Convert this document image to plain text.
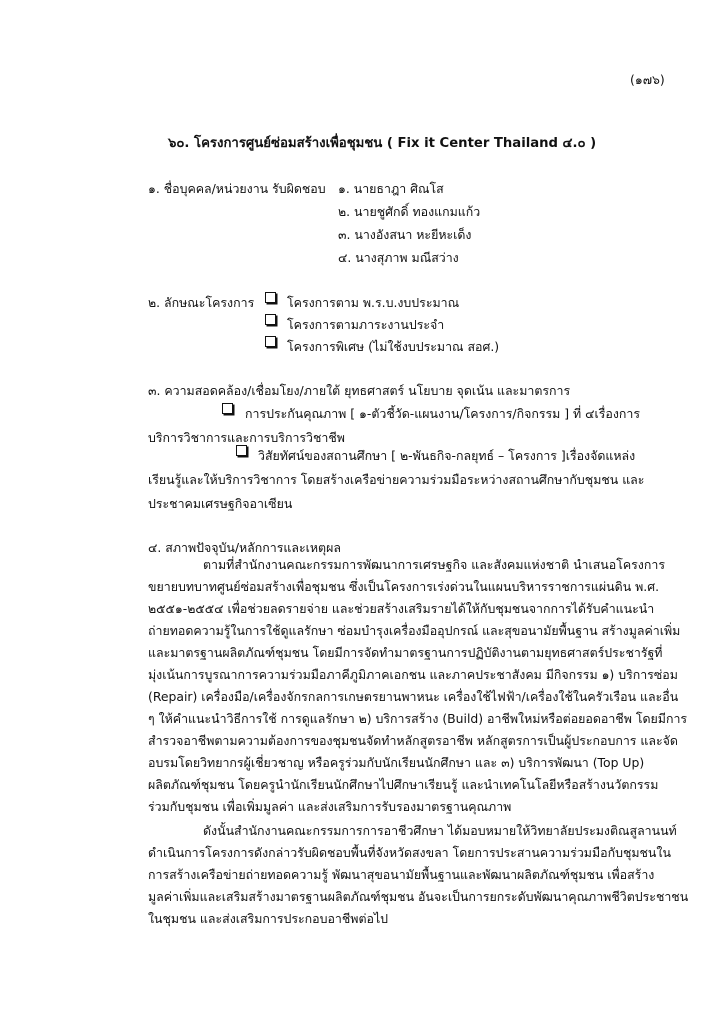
(๑๗๖)
๖๐. โครงการศูนย์ซ่อมสร้างเพื่อชุมชน ( Fix it Center Thailand ๔.๐ )
๑. ชื่อบุคคล/หน่วยงาน รับผิดชอบ ๑. นายธาฎา ศิณโส
๒. นายชูศักดิ์ ทองแกมแก้ว
๓. นางอังสนา หะยีหะเด็ง
๔. นางสุภาพ มณีสว่าง
๒. ลักษณะโครงการ	โครงการตาม พ.ร.บ.งบประมาณ
โครงการตามภาระงานประจำ
โครงการพิเศษ (ไม่ใช้งบประมาณ สอศ.)
๓. ความสอดคล้อง/เชื่อมโยง/ภายใต้ ยุทธศาสตร์ นโยบาย จุดเน้น และมาตรการ
การประกันคุณภาพ [ ๑-ตัวชี้วัด-แผนงาน/โครงการ/กิจกรรม ] ที่ ๔เรื่องการ
บริการวิชาการและการบริการวิชาชีพ
วิสัยทัศน์ของสถานศึกษา [ ๒-พันธกิจ-กลยุทธ์ – โครงการ ]เรื่องจัดแหล่ง
เรียนรู้และให้บริการวิชาการ โดยสร้างเครือข่ายความร่วมมือระหว่างสถานศึกษากับชุมชน และ
ประชาคมเศรษฐกิจอาเซียน
๔. สภาพปัจจุบัน/หลักการและเหตุผล
ตามที่สำนักงานคณะกรรมการพัฒนาการเศรษฐกิจ และสังคมแห่งชาติ นำเสนอโครงการ
ขยายบทบาทศูนย์ซ่อมสร้างเพื่อชุมชน ซึ่งเป็นโครงการเร่งด่วนในแผนบริหารราชการแผ่นดิน พ.ศ.
๒๕๕๑-๒๕๕๔ เพื่อช่วยลดรายจ่าย และช่วยสร้างเสริมรายได้ให้กับชุมชนจากการได้รับคำแนะนำ
ถ่ายทอดความรู้ในการใช้ดูแลรักษา ซ่อมบำรุงเครื่องมืออุปกรณ์ และสุขอนามัยพื้นฐาน สร้างมูลค่าเพิ่ม
และมาตรฐานผลิตภัณฑ์ชุมชน โดยมีการจัดทำมาตรฐานการปฏิบัติงานตามยุทธศาสตร์ประชารัฐที่
มุ่งเน้นการบูรณาการความร่วมมือภาคีภูมิภาคเอกชน และภาคประชาสังคม มีกิจกรรม ๑) บริการซ่อม
(Repair) เครื่องมือ/เครื่องจักรกลการเกษตรยานพาหนะ เครื่องใช้ไฟฟ้า/เครื่องใช้ในครัวเรือน และอื่น
ๆ ให้คำแนะนำวิธีการใช้ การดูแลรักษา ๒) บริการสร้าง (Build) อาชีพใหม่หรือต่อยอดอาชีพ โดยมีการ
สำรวจอาชีพตามความต้องการของชุมชนจัดทำหลักสูตรอาชีพ หลักสูตรการเป็นผู้ประกอบการ และจัด
อบรมโดยวิทยากรผู้เชี่ยวชาญ หรือครูร่วมกับนักเรียนนักศึกษา และ ๓) บริการพัฒนา (Top Up)
ผลิตภัณฑ์ชุมชน โดยครูนำนักเรียนนักศึกษาไปศึกษาเรียนรู้ และนำเทคโนโลยีหรือสร้างนวัตกรรม
ร่วมกับชุมชน เพื่อเพิ่มมูลค่า และส่งเสริมการรับรองมาตรฐานคุณภาพ
ดังนั้นสำนักงานคณะกรรมการการอาชีวศึกษา ได้มอบหมายให้วิทยาลัยประมงติณสูลานนท์
ดำเนินการโครงการดังกล่าวรับผิดชอบพื้นที่จังหวัดสงขลา โดยการประสานความร่วมมือกับชุมชนใน
การสร้างเครือข่ายถ่ายทอดความรู้ พัฒนาสุขอนามัยพื้นฐานและพัฒนาผลิตภัณฑ์ชุมชน เพื่อสร้าง
มูลค่าเพิ่มและเสริมสร้างมาตรฐานผลิตภัณฑ์ชุมชน อันจะเป็นการยกระดับพัฒนาคุณภาพชีวิตประชาชน
ในชุมชน และส่งเสริมการประกอบอาชีพต่อไป
